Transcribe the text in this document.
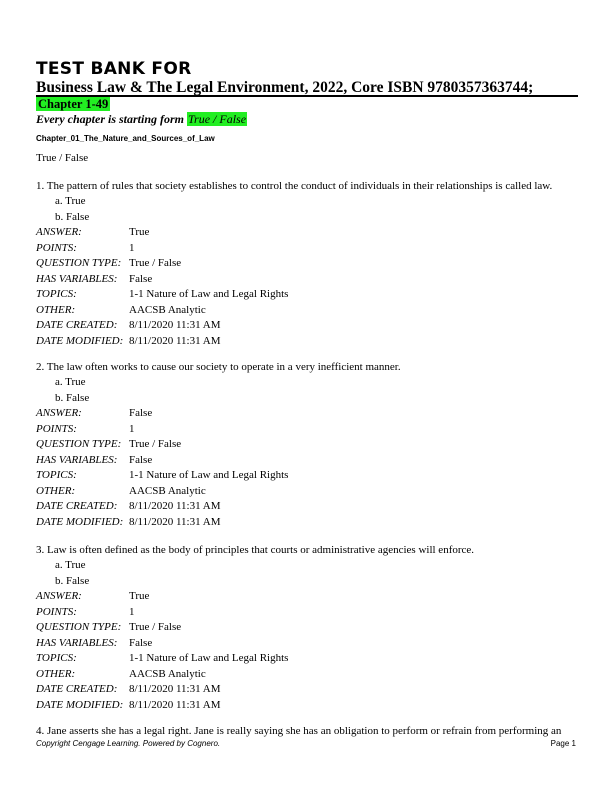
TEST BANK FOR
Business Law & The Legal Environment, 2022, Core ISBN 9780357363744;
Chapter 1-49
Every chapter is starting form True / False
Chapter_01_The_Nature_and_Sources_of_Law
True / False
1. The pattern of rules that society establishes to control the conduct of individuals in their relationships is called law.
a. True
b. False
ANSWER:	True
POINTS:	1
QUESTION TYPE: True / False
HAS VARIABLES:	False
TOPICS:	1-1 Nature of Law and Legal Rights
OTHER:	AACSB Analytic
DATE CREATED:	8/11/2020 11:31 AM
DATE MODIFIED: 8/11/2020 11:31 AM
2. The law often works to cause our society to operate in a very inefficient manner.
a. True
b. False
ANSWER:	False
POINTS:	1
QUESTION TYPE: True / False
HAS VARIABLES:	False
TOPICS:	1-1 Nature of Law and Legal Rights
OTHER:	AACSB Analytic
DATE CREATED:	8/11/2020 11:31 AM
DATE MODIFIED: 8/11/2020 11:31 AM
3. Law is often defined as the body of principles that courts or administrative agencies will enforce.
a. True
b. False
ANSWER:	True
POINTS:	1
QUESTION TYPE: True / False
HAS VARIABLES:	False
TOPICS:	1-1 Nature of Law and Legal Rights
OTHER:	AACSB Analytic
DATE CREATED:	8/11/2020 11:31 AM
DATE MODIFIED: 8/11/2020 11:31 AM
4. Jane asserts she has a legal right. Jane is really saying she has an obligation to perform or refrain from performing an
Copyright Cengage Learning. Powered by Cognero.	Page 1
